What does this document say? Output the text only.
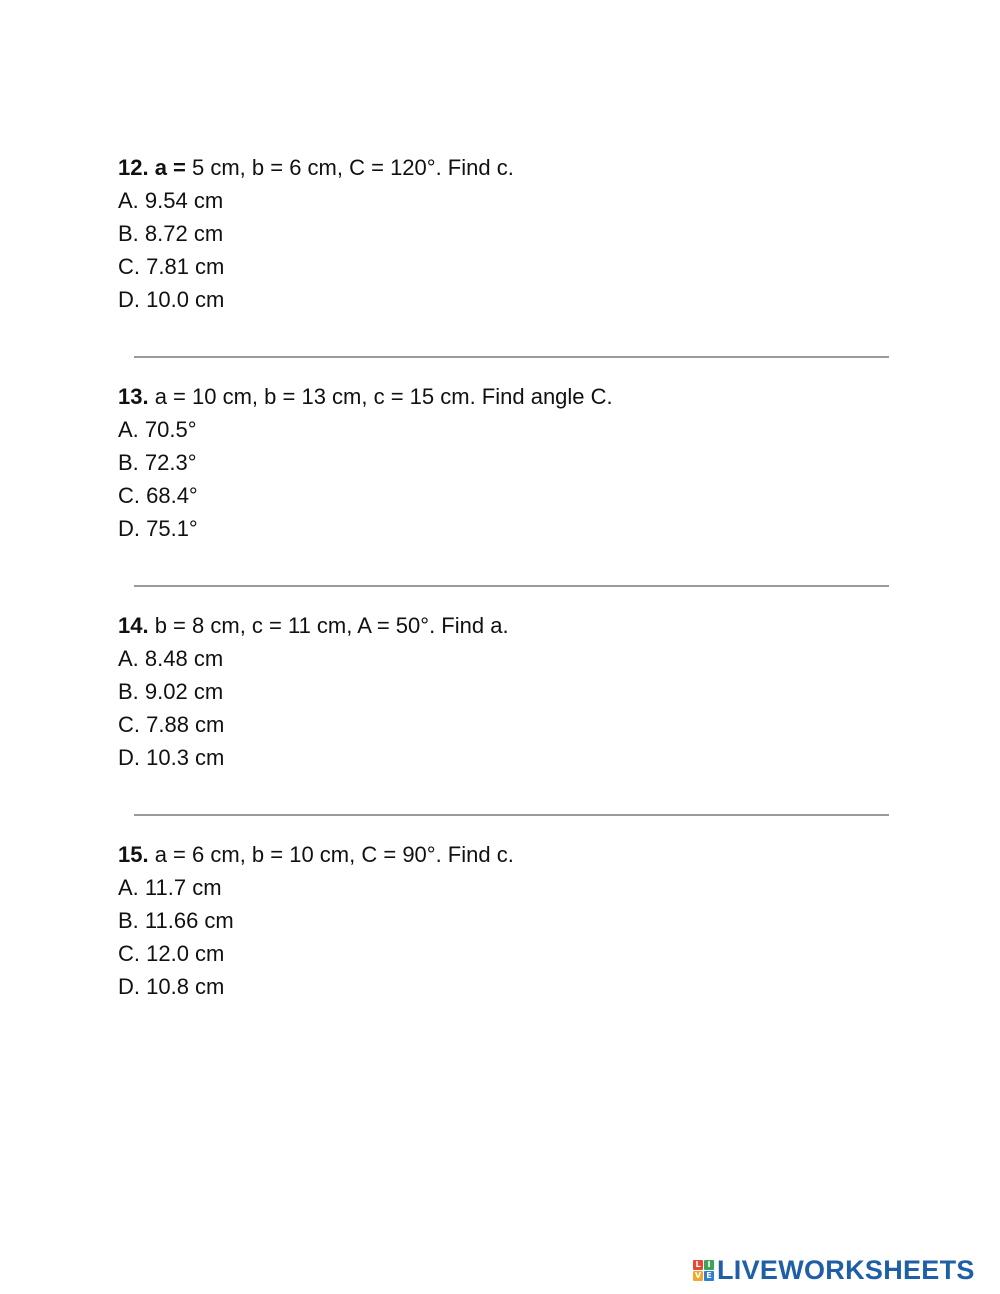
12. a = 5 cm, b = 6 cm, C = 120°. Find c.
A. 9.54 cm
B. 8.72 cm
C. 7.81 cm
D. 10.0 cm
13. a = 10 cm, b = 13 cm, c = 15 cm. Find angle C.
A. 70.5°
B. 72.3°
C. 68.4°
D. 75.1°
14. b = 8 cm, c = 11 cm, A = 50°. Find a.
A. 8.48 cm
B. 9.02 cm
C. 7.88 cm
D. 10.3 cm
15. a = 6 cm, b = 10 cm, C = 90°. Find c.
A. 11.7 cm
B. 11.66 cm
C. 12.0 cm
D. 10.8 cm
L I
V E LIVEWORKSHEETS
